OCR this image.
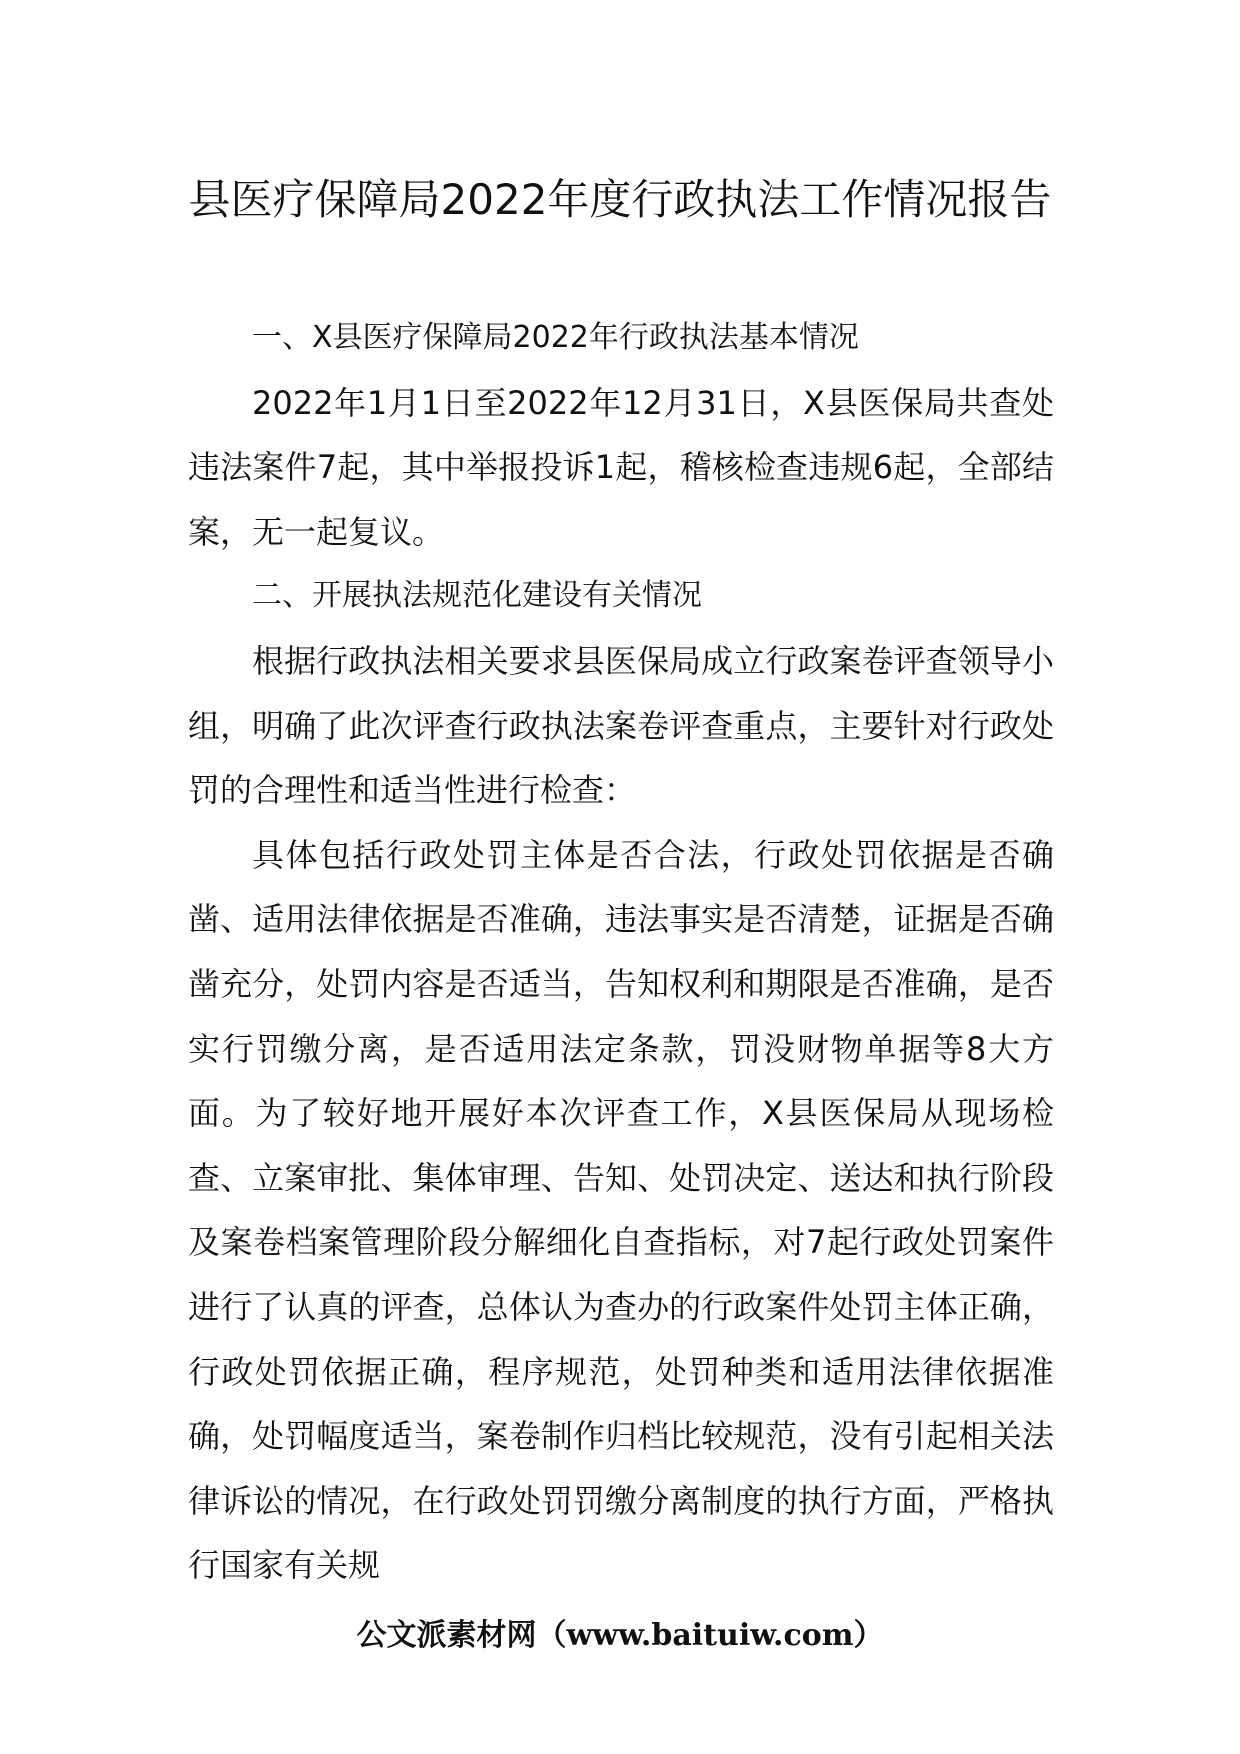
县医疗保障局2022年度行政执法工作情况报告

一、X县医疗保障局2022年行政执法基本情况

2022年1月1日至2022年12月31日，X县医保局共查处违法案件7起，其中举报投诉1起，稽核检查违规6起，全部结案，无一起复议。

二、开展执法规范化建设有关情况

根据行政执法相关要求县医保局成立行政案卷评查领导小组，明确了此次评查行政执法案卷评查重点，主要针对行政处罚的合理性和适当性进行检查：

具体包括行政处罚主体是否合法，行政处罚依据是否确凿、适用法律依据是否准确，违法事实是否清楚，证据是否确凿充分，处罚内容是否适当，告知权利和期限是否准确，是否实行罚缴分离，是否适用法定条款，罚没财物单据等8大方面。为了较好地开展好本次评查工作，X县医保局从现场检查、立案审批、集体审理、告知、处罚决定、送达和执行阶段及案卷档案管理阶段分解细化自查指标，对7起行政处罚案件进行了认真的评查，总体认为查办的行政案件处罚主体正确，行政处罚依据正确，程序规范，处罚种类和适用法律依据准确，处罚幅度适当，案卷制作归档比较规范，没有引起相关法律诉讼的情况，在行政处罚罚缴分离制度的执行方面，严格执行国家有关规

公文派素材网（www.baituiw.com）
